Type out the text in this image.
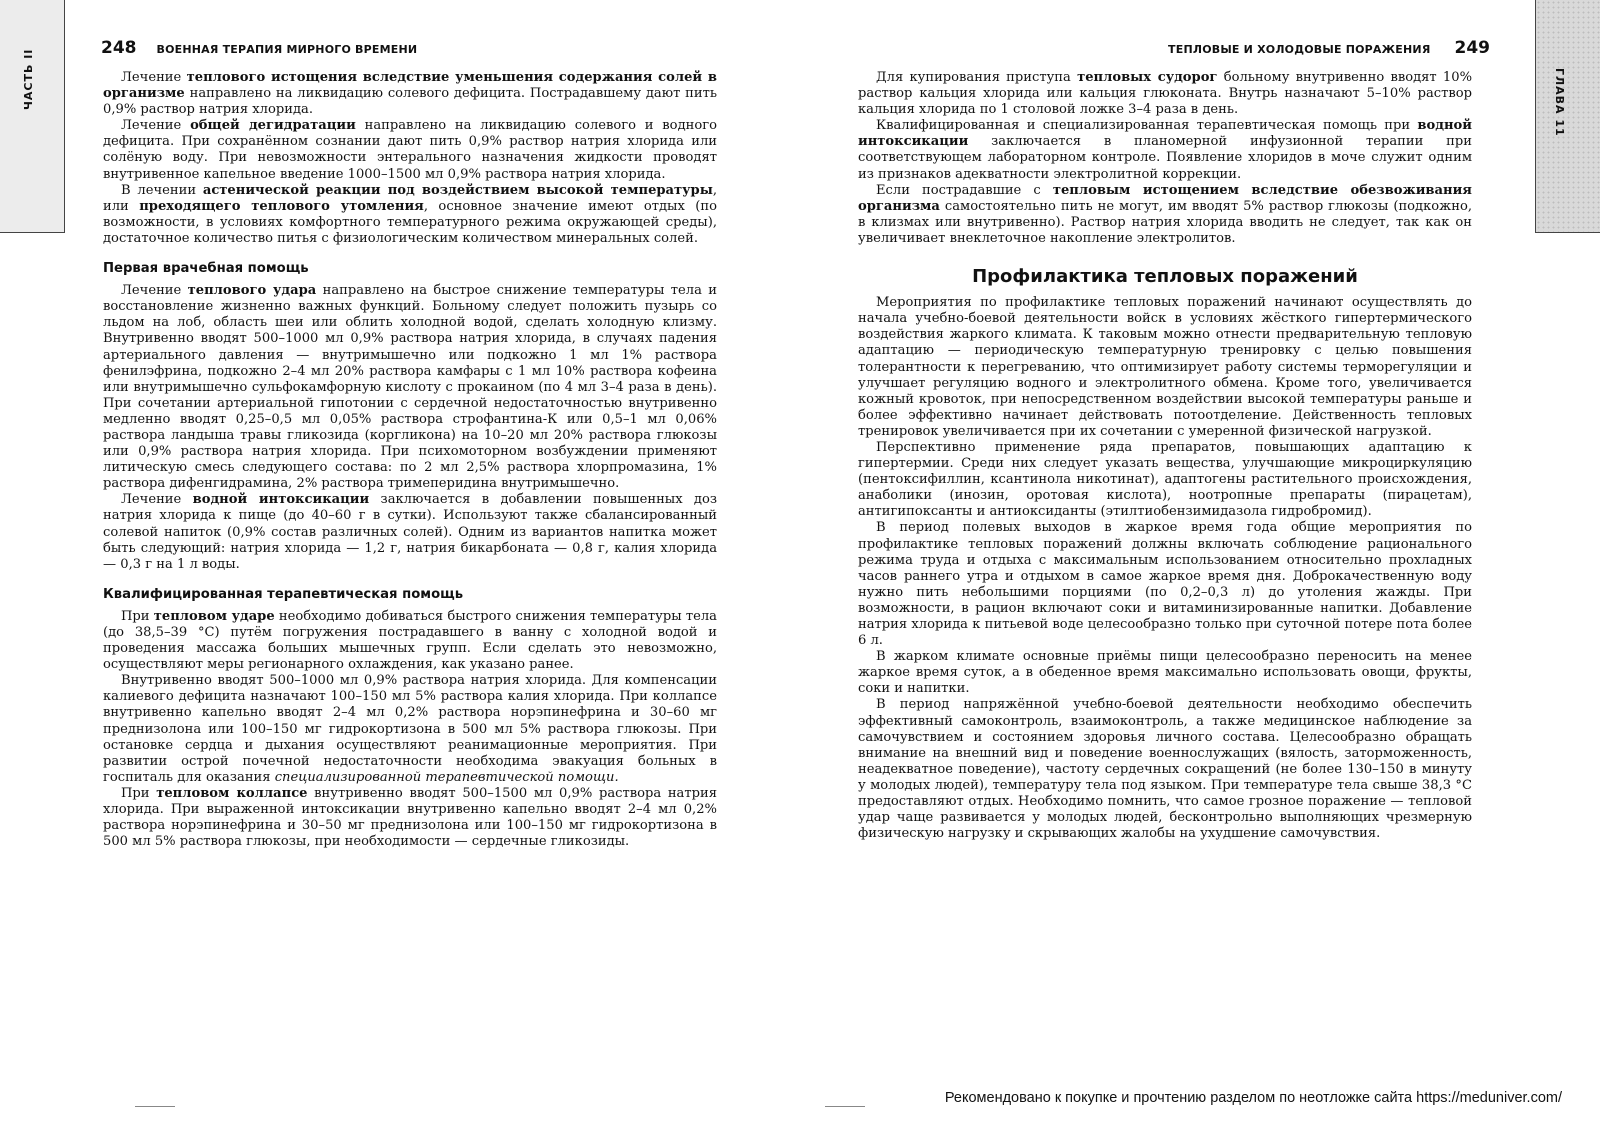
ЧАСТЬ II
248 ВОЕННАЯ ТЕРАПИЯ МИРНОГО ВРЕМЕНИ

Лечение теплового истощения вследствие уменьшения содержания солей в организме направлено на ликвидацию солевого дефицита. Пострадавшему дают пить 0,9% раствор натрия хлорида.

Лечение общей дегидратации направлено на ликвидацию солевого и водного дефицита. При сохранённом сознании дают пить 0,9% раствор натрия хлорида или солёную воду. При невозможности энтерального назначения жидкости проводят внутривенное капельное введение 1000–1500 мл 0,9% раствора натрия хлорида.

В лечении астенической реакции под воздействием высокой температуры, или преходящего теплового утомления, основное значение имеют отдых (по возможности, в условиях комфортного температурного режима окружающей среды), достаточное количество питья с физиологическим количеством минеральных солей.

Первая врачебная помощь

Лечение теплового удара направлено на быстрое снижение температуры тела и восстановление жизненно важных функций. Больному следует положить пузырь со льдом на лоб, область шеи или облить холодной водой, сделать холодную клизму. Внутривенно вводят 500–1000 мл 0,9% раствора натрия хлорида, в случаях падения артериального давления — внутримышечно или подкожно 1 мл 1% раствора фенилэфрина, подкожно 2–4 мл 20% раствора камфары с 1 мл 10% раствора кофеина или внутримышечно сульфокамфорную кислоту с прокаином (по 4 мл 3–4 раза в день). При сочетании артериальной гипотонии с сердечной недостаточностью внутривенно медленно вводят 0,25–0,5 мл 0,05% раствора строфантина-К или 0,5–1 мл 0,06% раствора ландыша травы гликозида (коргликона) на 10–20 мл 20% раствора глюкозы или 0,9% раствора натрия хлорида. При психомоторном возбуждении применяют литическую смесь следующего состава: по 2 мл 2,5% раствора хлорпромазина, 1% раствора дифенгидрамина, 2% раствора тримеперидина внутримышечно.

Лечение водной интоксикации заключается в добавлении повышенных доз натрия хлорида к пище (до 40–60 г в сутки). Используют также сбалансированный солевой напиток (0,9% состав различных солей). Одним из вариантов напитка может быть следующий: натрия хлорида — 1,2 г, натрия бикарбоната — 0,8 г, калия хлорида — 0,3 г на 1 л воды.

Квалифицированная терапевтическая помощь

При тепловом ударе необходимо добиваться быстрого снижения температуры тела (до 38,5–39 °С) путём погружения пострадавшего в ванну с холодной водой и проведения массажа больших мышечных групп. Если сделать это невозможно, осуществляют меры регионарного охлаждения, как указано ранее.

Внутривенно вводят 500–1000 мл 0,9% раствора натрия хлорида. Для компенсации калиевого дефицита назначают 100–150 мл 5% раствора калия хлорида. При коллапсе внутривенно капельно вводят 2–4 мл 0,2% раствора норэпинефрина и 30–60 мг преднизолона или 100–150 мг гидрокортизона в 500 мл 5% раствора глюкозы. При остановке сердца и дыхания осуществляют реанимационные мероприятия. При развитии острой почечной недостаточности необходима эвакуация больных в госпиталь для оказания специализированной терапевтической помощи.

При тепловом коллапсе внутривенно вводят 500–1500 мл 0,9% раствора натрия хлорида. При выраженной интоксикации внутривенно капельно вводят 2–4 мл 0,2% раствора норэпинефрина и 30–50 мг преднизолона или 100–150 мг гидрокортизона в 500 мл 5% раствора глюкозы, при необходимости — сердечные гликозиды.

ГЛАВА 11
ТЕПЛОВЫЕ И ХОЛОДОВЫЕ ПОРАЖЕНИЯ 249

Для купирования приступа тепловых судорог больному внутривенно вводят 10% раствор кальция хлорида или кальция глюконата. Внутрь назначают 5–10% раствор кальция хлорида по 1 столовой ложке 3–4 раза в день.

Квалифицированная и специализированная терапевтическая помощь при водной интоксикации заключается в планомерной инфузионной терапии при соответствующем лабораторном контроле. Появление хлоридов в моче служит одним из признаков адекватности электролитной коррекции.

Если пострадавшие с тепловым истощением вследствие обезвоживания организма самостоятельно пить не могут, им вводят 5% раствор глюкозы (подкожно, в клизмах или внутривенно). Раствор натрия хлорида вводить не следует, так как он увеличивает внеклеточное накопление электролитов.

Профилактика тепловых поражений

Мероприятия по профилактике тепловых поражений начинают осуществлять до начала учебно-боевой деятельности войск в условиях жёсткого гипертермического воздействия жаркого климата. К таковым можно отнести предварительную тепловую адаптацию — периодическую температурную тренировку с целью повышения толерантности к перегреванию, что оптимизирует работу системы терморегуляции и улучшает регуляцию водного и электролитного обмена. Кроме того, увеличивается кожный кровоток, при непосредственном воздействии высокой температуры раньше и более эффективно начинает действовать потоотделение. Действенность тепловых тренировок увеличивается при их сочетании с умеренной физической нагрузкой.

Перспективно применение ряда препаратов, повышающих адаптацию к гипертермии. Среди них следует указать вещества, улучшающие микроциркуляцию (пентоксифиллин, ксантинола никотинат), адаптогены растительного происхождения, анаболики (инозин, оротовая кислота), ноотропные препараты (пирацетам), антигипоксанты и антиоксиданты (этилтиобензимидазола гидробромид).

В период полевых выходов в жаркое время года общие мероприятия по профилактике тепловых поражений должны включать соблюдение рационального режима труда и отдыха с максимальным использованием относительно прохладных часов раннего утра и отдыхом в самое жаркое время дня. Доброкачественную воду нужно пить небольшими порциями (по 0,2–0,3 л) до утоления жажды. При возможности, в рацион включают соки и витаминизированные напитки. Добавление натрия хлорида к питьевой воде целесообразно только при суточной потере пота более 6 л.

В жарком климате основные приёмы пищи целесообразно переносить на менее жаркое время суток, а в обеденное время максимально использовать овощи, фрукты, соки и напитки.

В период напряжённой учебно-боевой деятельности необходимо обеспечить эффективный самоконтроль, взаимоконтроль, а также медицинское наблюдение за самочувствием и состоянием здоровья личного состава. Целесообразно обращать внимание на внешний вид и поведение военнослужащих (вялость, заторможенность, неадекватное поведение), частоту сердечных сокращений (не более 130–150 в минуту у молодых людей), температуру тела под языком. При температуре тела свыше 38,3 °С предоставляют отдых. Необходимо помнить, что самое грозное поражение — тепловой удар чаще развивается у молодых людей, бесконтрольно выполняющих чрезмерную физическую нагрузку и скрывающих жалобы на ухудшение самочувствия.

Рекомендовано к покупке и прочтению разделом по неотложке сайта https://meduniver.com/
